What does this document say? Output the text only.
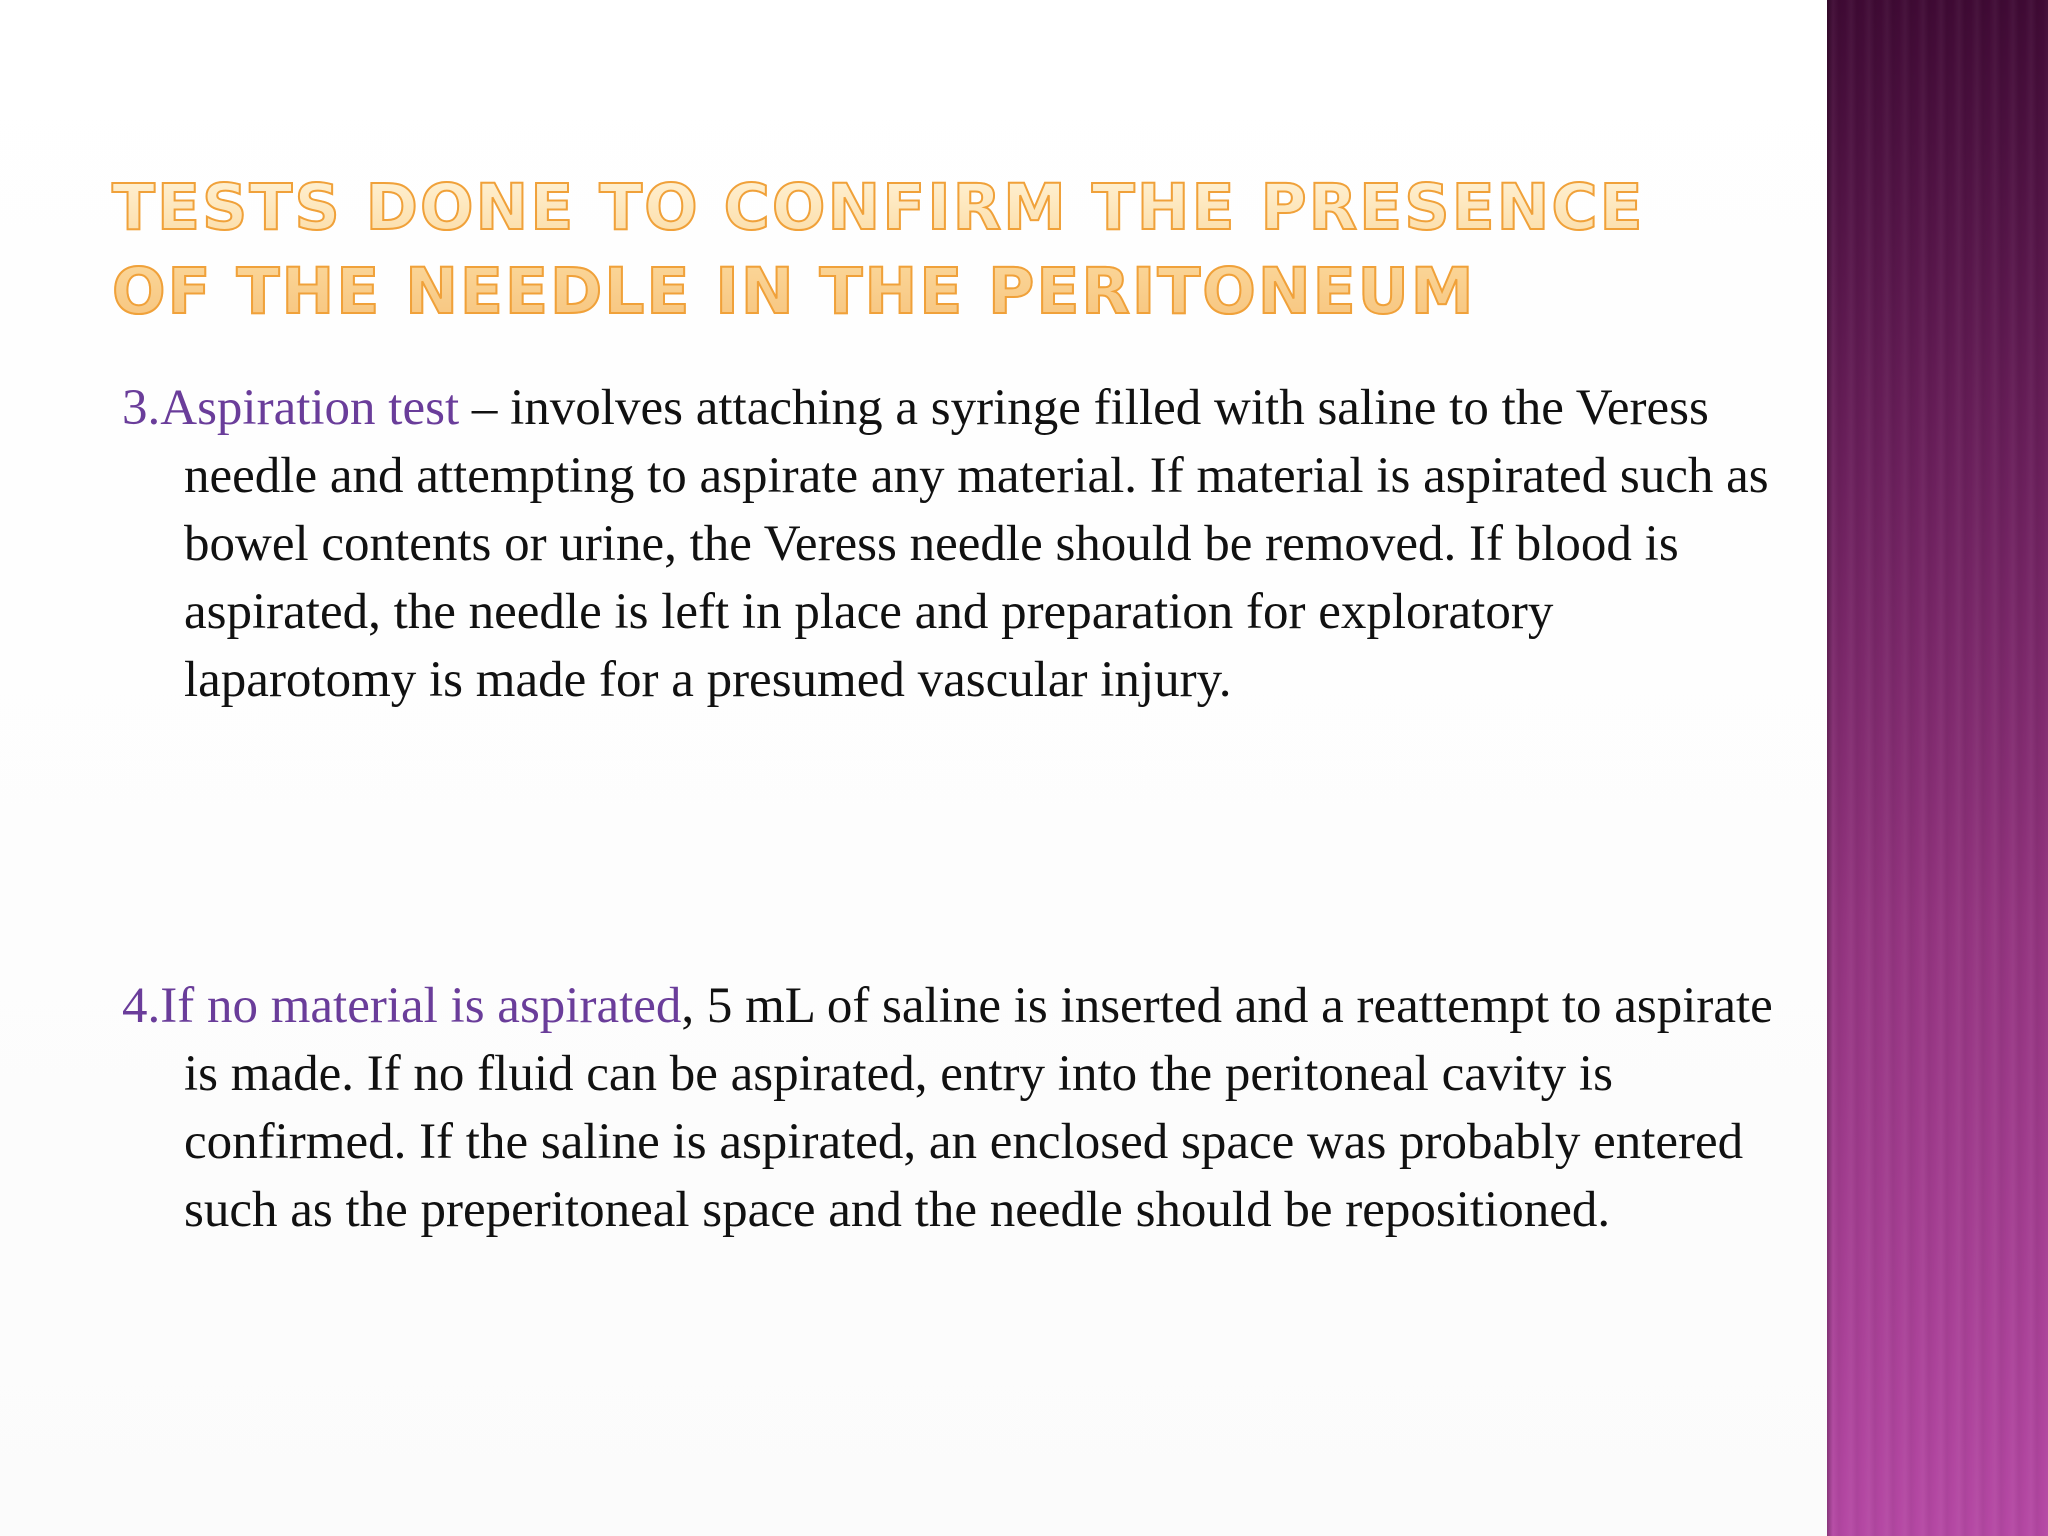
TESTS DONE TO CONFIRM THE PRESENCE OF THE NEEDLE IN THE PERITONEUM

3.Aspiration test – involves attaching a syringe filled with saline to the Veress needle and attempting to aspirate any material. If material is aspirated such as bowel contents or urine, the Veress needle should be removed. If blood is aspirated, the needle is left in place and preparation for exploratory laparotomy is made for a presumed vascular injury.

4.If no material is aspirated, 5 mL of saline is inserted and a reattempt to aspirate is made. If no fluid can be aspirated, entry into the peritoneal cavity is confirmed. If the saline is aspirated, an enclosed space was probably entered such as the preperitoneal space and the needle should be repositioned.
